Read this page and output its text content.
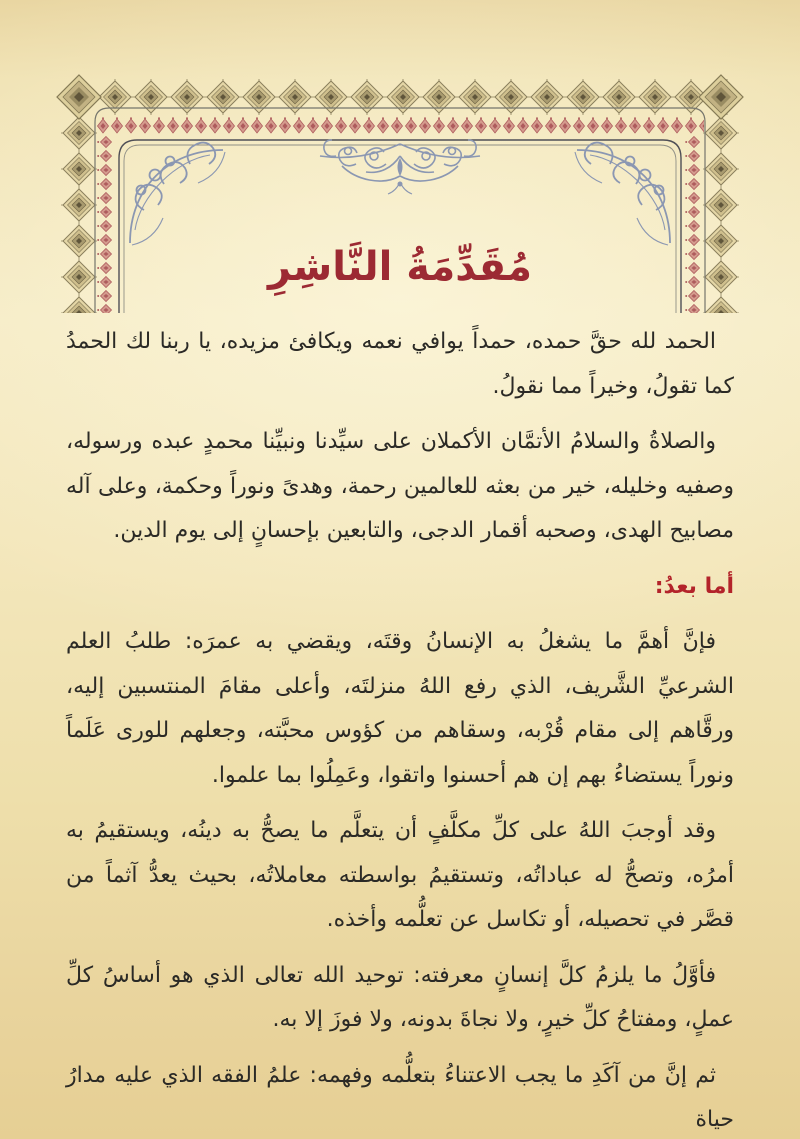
مُقَدِّمَةُ النَّاشِرِ

الحمد لله حقَّ حمده، حمداً يوافي نعمه ويكافئ مزيده، يا ربنا لك الحمدُ كما تقولُ، وخيراً مما نقولُ.

والصلاةُ والسلامُ الأتمَّان الأكملان على سيِّدنا ونبيِّنا محمدٍ عبده ورسوله، وصفيه وخليله، خير من بعثه للعالمين رحمة، وهدىً ونوراً وحكمة، وعلى آله مصابيح الهدى، وصحبه أقمار الدجى، والتابعين بإحسانٍ إلى يوم الدين.

أما بعدُ:

فإنَّ أهمَّ ما يشغلُ به الإنسانُ وقتَه، ويقضي به عمرَه: طلبُ العلم الشرعيِّ الشَّريف، الذي رفع اللهُ منزلتَه، وأعلى مقامَ المنتسبين إليه، ورقَّاهم إلى مقام قُرْبه، وسقاهم من كؤوس محبَّته، وجعلهم للورى عَلَماً ونوراً يستضاءُ بهم إن هم أحسنوا واتقوا، وعَمِلُوا بما علموا.

وقد أوجبَ اللهُ على كلِّ مكلَّفٍ أن يتعلَّم ما يصحُّ به دينُه، ويستقيمُ به أمرُه، وتصحُّ له عباداتُه، وتستقيمُ بواسطته معاملاتُه، بحيث يعدُّ آثماً من قصَّر في تحصيله، أو تكاسل عن تعلُّمه وأخذه.

فأوَّلُ ما يلزمُ كلَّ إنسانٍ معرفته: توحيد الله تعالى الذي هو أساسُ كلِّ عملٍ، ومفتاحُ كلِّ خيرٍ، ولا نجاةَ بدونه، ولا فوزَ إلا به.

ثم إنَّ من آكَدِ ما يجب الاعتناءُ بتعلُّمه وفهمه: علمُ الفقه الذي عليه مدارُ حياة
